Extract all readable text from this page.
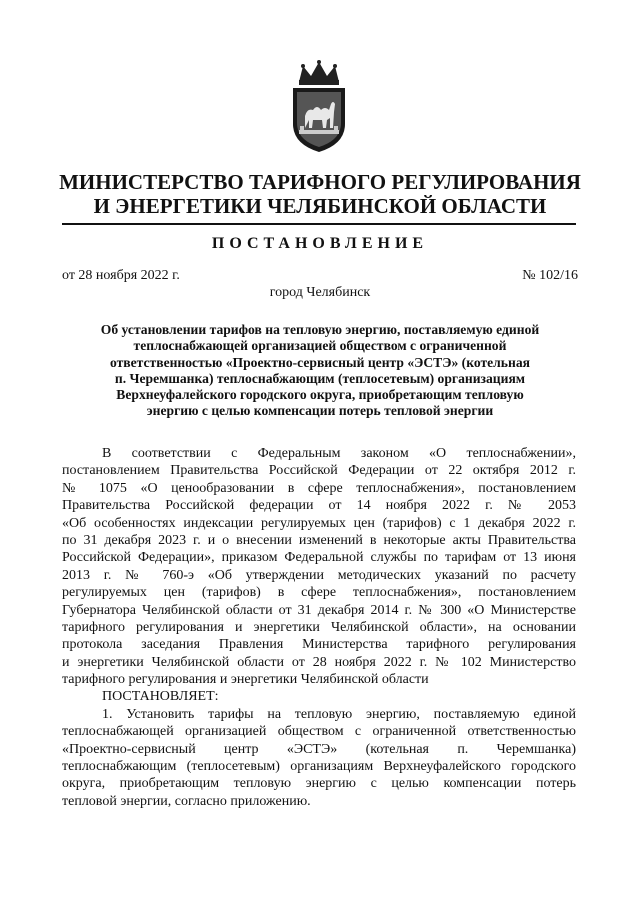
МИНИСТЕРСТВО ТАРИФНОГО РЕГУЛИРОВАНИЯ
И ЭНЕРГЕТИКИ ЧЕЛЯБИНСКОЙ ОБЛАСТИ
ПОСТАНОВЛЕНИЕ
от 28 ноября 2022 г.	№ 102/16
город Челябинск
Об установлении тарифов на тепловую энергию, поставляемую единой
теплоснабжающей организацией обществом с ограниченной
ответственностью «Проектно-сервисный центр «ЭСТЭ» (котельная
п. Черемшанка) теплоснабжающим (теплосетевым) организациям
Верхнеуфалейского городского округа, приобретающим тепловую
энергию с целью компенсации потерь тепловой энергии
В соответствии с Федеральным законом «О теплоснабжении»,
постановлением Правительства Российской Федерации от 22 октября 2012 г.
№ 1075 «О ценообразовании в сфере теплоснабжения», постановлением
Правительства Российской федерации от 14 ноября 2022 г. № 2053
«Об особенностях индексации регулируемых цен (тарифов) с 1 декабря 2022 г.
по 31 декабря 2023 г. и о внесении изменений в некоторые акты Правительства
Российской Федерации», приказом Федеральной службы по тарифам от 13 июня
2013 г. № 760-э «Об утверждении методических указаний по расчету
регулируемых цен (тарифов) в сфере теплоснабжения», постановлением
Губернатора Челябинской области от 31 декабря 2014 г. № 300 «О Министерстве
тарифного регулирования и энергетики Челябинской области», на основании
протокола заседания Правления Министерства тарифного регулирования
и энергетики Челябинской области от 28 ноября 2022 г. № 102 Министерство
тарифного регулирования и энергетики Челябинской области
ПОСТАНОВЛЯЕТ:
1. Установить тарифы на тепловую энергию, поставляемую единой
теплоснабжающей организацией обществом с ограниченной ответственностью
«Проектно-сервисный центр «ЭСТЭ» (котельная п. Черемшанка)
теплоснабжающим (теплосетевым) организациям Верхнеуфалейского городского
округа, приобретающим тепловую энергию с целью компенсации потерь
тепловой энергии, согласно приложению.
